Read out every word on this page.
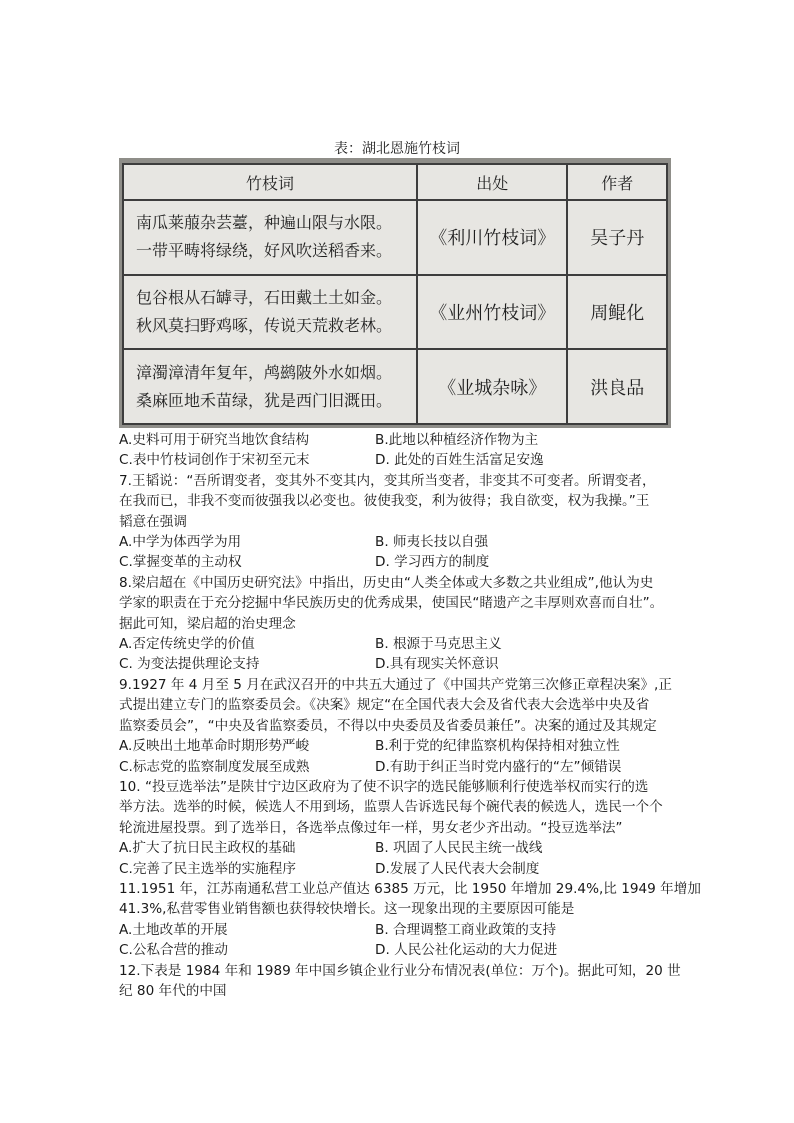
表：湖北恩施竹枝词
竹枝词	出处	作者

南瓜莱菔杂芸薹，种遍山限与水限。
一带平畴将绿绕，好风吹送稻香来。	《利川竹枝词》	吴子丹

包谷根从石罅寻，石田戴土土如金。
秋风莫扫野鸡啄，传说天荒救老林。	《业州竹枝词》	周鲲化

漳濁漳清年复年，鸬鹚陂外水如烟。
桑麻匝地禾苗绿，犹是西门旧溉田。	《业城杂咏》	洪良品
A.史料可用于研究当地饮食结构	B.此地以种植经济作物为主
C.表中竹枝词创作于宋初至元末	D. 此处的百姓生活富足安逸
7.王韬说：“吾所谓变者，变其外不变其内，变其所当变者，非变其不可变者。所谓变者，
在我而已，非我不变而彼强我以必变也。彼使我变，利为彼得；我自欲变，权为我操。”王
韬意在强调
A.中学为体西学为用	B. 师夷长技以自强
C.掌握变革的主动权	D. 学习西方的制度
8.梁启超在《中国历史研究法》中指出，历史由“人类全体或大多数之共业组成”,他认为史
学家的职责在于充分挖掘中华民族历史的优秀成果，使国民“睹遗产之丰厚则欢喜而自壮”。
据此可知，梁启超的治史理念
A.否定传统史学的价值	B. 根源于马克思主义
C. 为变法提供理论支持	D.具有现实关怀意识
9.1927 年 4 月至 5 月在武汉召开的中共五大通过了《中国共产党第三次修正章程决案》,正
式提出建立专门的监察委员会。《决案》规定“在全国代表大会及省代表大会选举中央及省
监察委员会”，“中央及省监察委员，不得以中央委员及省委员兼任”。决案的通过及其规定
A.反映出土地革命时期形势严峻	B.利于党的纪律监察机构保持相对独立性
C.标志党的监察制度发展至成熟	D.有助于纠正当时党内盛行的“左”倾错误
10. “投豆选举法”是陕甘宁边区政府为了使不识字的选民能够顺利行使选举权而实行的选
举方法。选举的时候，候选人不用到场，监票人告诉选民每个碗代表的候选人，选民一个个
轮流进屋投票。到了选举日，各选举点像过年一样，男女老少齐出动。“投豆选举法”
A.扩大了抗日民主政权的基础	B. 巩固了人民民主统一战线
C.完善了民主选举的实施程序	D.发展了人民代表大会制度
11.1951 年，江苏南通私营工业总产值达 6385 万元，比 1950 年增加 29.4%,比 1949 年增加
41.3%,私营零售业销售额也获得较快增长。这一现象出现的主要原因可能是
A.土地改革的开展	B. 合理调整工商业政策的支持
C.公私合营的推动	D. 人民公社化运动的大力促进
12.下表是 1984 年和 1989 年中国乡镇企业行业分布情况表(单位：万个)。据此可知，20 世
纪 80 年代的中国
